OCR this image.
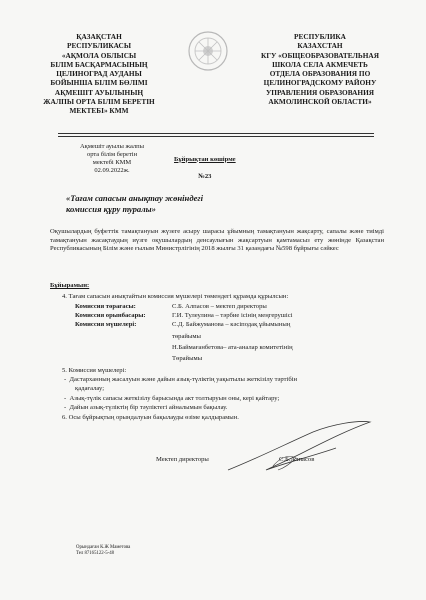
ҚАЗАҚСТАН
РЕСПУБЛИКАСЫ
«АҚМОЛА ОБЛЫСЫ
БІЛІМ БАСҚАРМАСЫНЫҢ
ЦЕЛИНОГРАД АУДАНЫ
БОЙЫНША БІЛІМ БӨЛІМІ
АҚМЕШІТ АУЫЛЫНЫҢ
ЖАЛПЫ ОРТА БІЛІМ БЕРЕТІН
МЕКТЕБІ» КММ
РЕСПУБЛИКА
КАЗАХСТАН
КГУ «ОБЩЕОБРАЗОВАТЕЛЬНАЯ
ШКОЛА СЕЛА АКМЕЧЕТЬ
ОТДЕЛА ОБРАЗОВАНИЯ ПО
ЦЕЛИНОГРАДСКОМУ РАЙОНУ
УПРАВЛЕНИЯ ОБРАЗОВАНИЯ
АКМОЛИНСКОЙ ОБЛАСТИ»
Ақмешіт ауылы жалпы
орта білім беретін
мектебі КММ
02.09.2022ж.

Бұйрықтан көшірме

№23

«Тағам сапасын анықтау жөніндегі
комиссия құру туралы»
Оқушылардың буфеттік тамақтануын жүзеге асыру шарасы ұйымның тамақтануын жақсарту, сапалы және тиімді тамақтануын жасақтаудың иүзге оқушылардың денсаулығын жақсартуын қамтамасыз ету жөнінде Қазақстан Республикасының Білім және ғылым Министрлігінің 2018 жылғы 31 қазандағы №598 бұйрығы сәйкес
Бұйырамын:
4. Тағам сапасын анықтайтын комиссия мүшелері төмендегі құрамда құрылсын:
Комиссия төрағасы:	С.Б. Алпасов – мектеп директоры
Комиссия орынбасары:	Г.И. Тулеулина – тәрбие ісінің меңгерушісі
Комиссия мүшелері:	С.Д. Байжуманова – кәсіподақ ұйымының
төрайымы
Н.Баймағанбетова– ата-аналар комитетінің
Төрайымы
5. Комиссия мүшелері:
-  Дастарханның жасалуын және дайын азық-түліктің уақытылы жеткізілу тәртібін
қадағалау;
-  Азық-түлік сапасы жеткізілу барысында акт толтыруын оны, кері қайтару;
-  Дайын азық-түліктің бір тәуліктегі айналымын бақылау.
6. Осы бұйрықтың орындалуын бақылауды өзіме қалдырамын.
Мектеп директоры	С.Б.Алпасов
Орындаған К.Ж Маметова
Тел 87165122-5-48
